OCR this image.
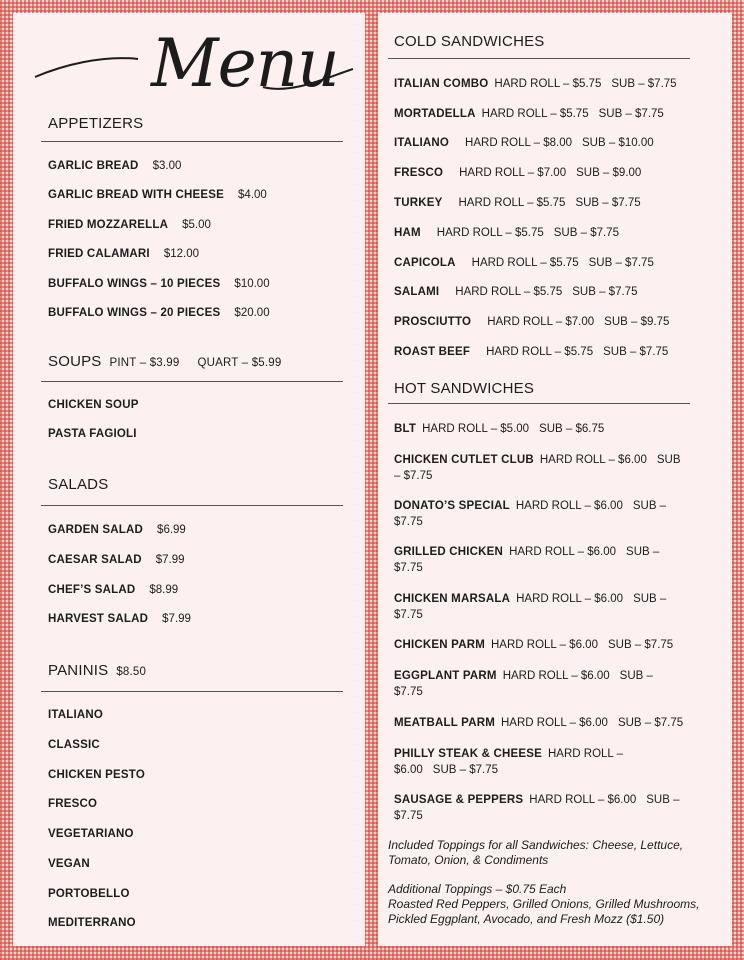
Menu
APPETIZERS
GARLIC BREAD $3.00
GARLIC BREAD WITH CHEESE $4.00
FRIED MOZZARELLA $5.00
FRIED CALAMARI $12.00
BUFFALO WINGS – 10 PIECES $10.00
BUFFALO WINGS – 20 PIECES $20.00
SOUPS PINT – $3.99 QUART – $5.99
CHICKEN SOUP
PASTA FAGIOLI
SALADS
GARDEN SALAD $6.99
CAESAR SALAD $7.99
CHEF’S SALAD $8.99
HARVEST SALAD $7.99
PANINIS $8.50
ITALIANO
CLASSIC
CHICKEN PESTO
FRESCO
VEGETARIANO
VEGAN
PORTOBELLO
MEDITERRANO
COLD SANDWICHES
ITALIAN COMBO HARD ROLL – $5.75 SUB – $7.75
MORTADELLA HARD ROLL – $5.75 SUB – $7.75
ITALIANO HARD ROLL – $8.00 SUB – $10.00
FRESCO HARD ROLL – $7.00 SUB – $9.00
TURKEY HARD ROLL – $5.75 SUB – $7.75
HAM HARD ROLL – $5.75 SUB – $7.75
CAPICOLA HARD ROLL – $5.75 SUB – $7.75
SALAMI HARD ROLL – $5.75 SUB – $7.75
PROSCIUTTO HARD ROLL – $7.00 SUB – $9.75
ROAST BEEF HARD ROLL – $5.75 SUB – $7.75
HOT SANDWICHES
BLT HARD ROLL – $5.00 SUB – $6.75
CHICKEN CUTLET CLUB HARD ROLL – $6.00 SUB – $7.75
DONATO’S SPECIAL HARD ROLL – $6.00 SUB – $7.75
GRILLED CHICKEN HARD ROLL – $6.00 SUB – $7.75
CHICKEN MARSALA HARD ROLL – $6.00 SUB – $7.75
CHICKEN PARM HARD ROLL – $6.00 SUB – $7.75
EGGPLANT PARM HARD ROLL – $6.00 SUB – $7.75
MEATBALL PARM HARD ROLL – $6.00 SUB – $7.75
PHILLY STEAK & CHEESE HARD ROLL – $6.00 SUB – $7.75
SAUSAGE & PEPPERS HARD ROLL – $6.00 SUB – $7.75
Included Toppings for all Sandwiches: Cheese, Lettuce, Tomato, Onion, & Condiments
Additional Toppings – $0.75 Each
Roasted Red Peppers, Grilled Onions, Grilled Mushrooms, Pickled Eggplant, Avocado, and Fresh Mozz ($1.50)
